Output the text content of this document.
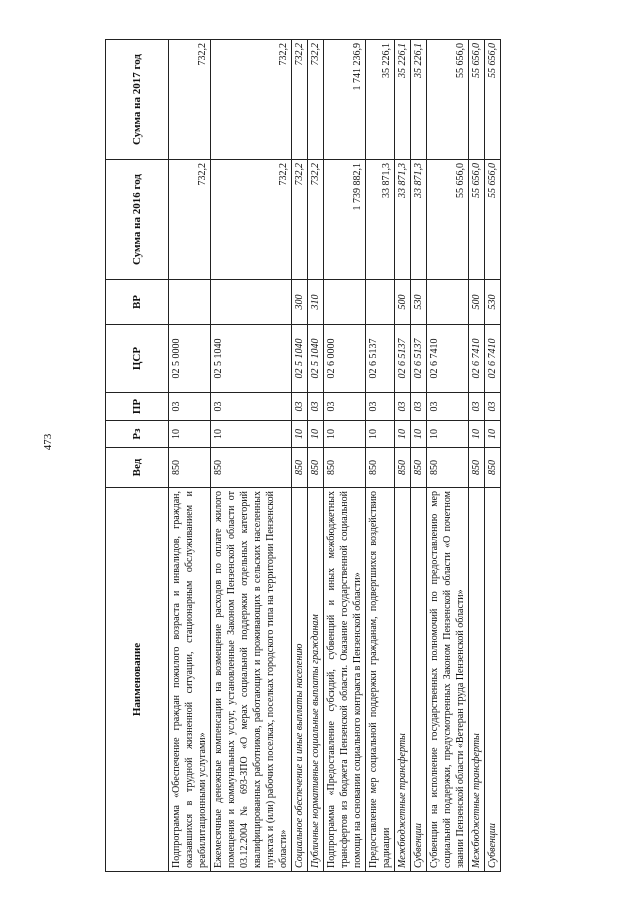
473
Наименование	Вед	Рз	ПР	ЦСР	ВР	Сумма на 2016 год	Сумма на 2017 год
Подпрограмма «Обеспечение граждан пожилого возраста и инвалидов, граждан, оказавшихся в трудной жизненной ситуации, стационарным обслуживанием и реабилитационными услугами»	850	10	03	02 5 0000		732,2	732,2
Ежемесячные денежные компенсации на возмещение расходов по оплате жилого помещения и коммунальных услуг, установленные Законом Пензенской области от 03.12.2004 № 693-ЗПО «О мерах социальной поддержки отдельных категорий квалифицированных работников, работающих и проживающих в сельских населенных пунктах и (или) рабочих поселках, поселках городского типа на территории Пензенской области»	850	10	03	02 5 1040		732,2	732,2
Социальное обеспечение и иные выплаты населению	850	10	03	02 5 1040	300	732,2	732,2
Публичные нормативные социальные выплаты гражданам	850	10	03	02 5 1040	310	732,2	732,2
Подпрограмма «Предоставление субсидий, субвенций и иных межбюджетных трансфертов из бюджета Пензенской области. Оказание государственной социальной помощи на основании социального контракта в Пензенской области»	850	10	03	02 6 0000		1 739 882,1	1 741 236,9
Предоставление мер социальной поддержки гражданам, подвергшихся воздействию радиации	850	10	03	02 6 5137		33 871,3	35 226,1
Межбюджетные трансферты	850	10	03	02 6 5137	500	33 871,3	35 226,1
Субвенции	850	10	03	02 6 5137	530	33 871,3	35 226,1
Субвенции на исполнение государственных полномочий по предоставлению мер социальной поддержки, предусмотренных Законом Пензенской области «О почетном звании Пензенской области «Ветеран труда Пензенской области»	850	10	03	02 6 7410		55 656,0	55 656,0
Межбюджетные трансферты	850	10	03	02 6 7410	500	55 656,0	55 656,0
Субвенции	850	10	03	02 6 7410	530	55 656,0	55 656,0
